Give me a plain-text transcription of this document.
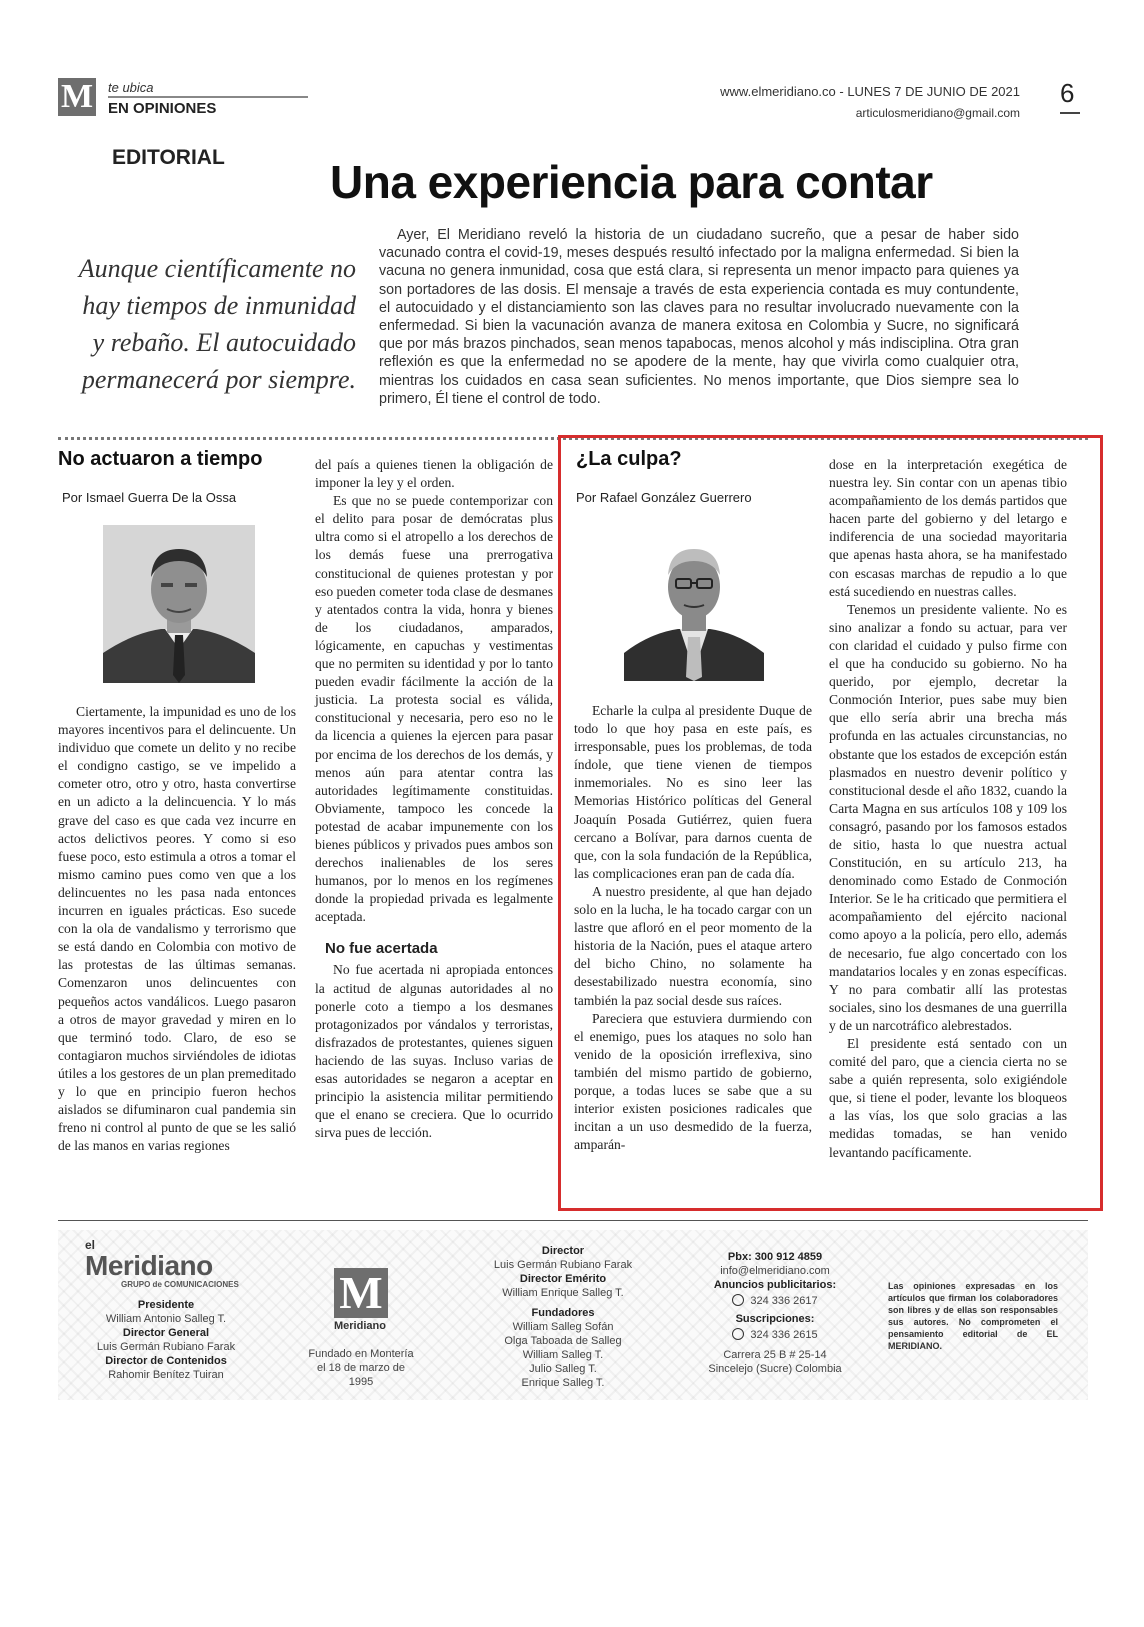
M te ubica
EN OPINIONES
www.elmeridiano.co - LUNES 7 DE JUNIO DE 2021
articulosmeridiano@gmail.com
6
EDITORIAL Una experiencia para contar
Aunque científicamente no hay tiempos de inmunidad y rebaño. El autocuidado permanecerá por siempre.

Ayer, El Meridiano reveló la historia de un ciudadano sucreño, que a pesar de haber sido vacunado contra el covid-19, meses después resultó infectado por la maligna enfermedad. Si bien la vacuna no genera inmunidad, cosa que está clara, si representa un menor impacto para quienes ya son portadores de las dosis. El mensaje a través de esta experiencia contada es muy contundente, el autocuidado y el distanciamiento son las claves para no resultar involucrado nuevamente con la enfermedad. Si bien la vacunación avanza de manera exitosa en Colombia y Sucre, no significará que por más brazos pinchados, sean menos tapabocas, menos alcohol y más indisciplina. Otra gran reflexión es que la enfermedad no se apodere de la mente, hay que vivirla como cualquier otra, mientras los cuidados en casa sean suficientes. No menos importante, que Dios siempre sea lo primero, Él tiene el control de todo.

No actuaron a tiempo
Por Ismael Guerra De la Ossa

Ciertamente, la impunidad es uno de los mayores incentivos para el delincuente. Un individuo que comete un delito y no recibe el condigno castigo, se ve impelido a cometer otro, otro y otro, hasta convertirse en un adicto a la delincuencia. Y lo más grave del caso es que cada vez incurre en actos delictivos peores. Y como si eso fuese poco, esto estimula a otros a tomar el mismo camino pues como ven que a los delincuentes no les pasa nada entonces incurren en iguales prácticas. Eso sucede con la ola de vandalismo y terrorismo que se está dando en Colombia con motivo de las protestas de las últimas semanas. Comenzaron unos delincuentes con pequeños actos vandálicos. Luego pasaron a otros de mayor gravedad y miren en lo que terminó todo. Claro, de eso se contagiaron muchos sirviéndoles de idiotas útiles a los gestores de un plan premeditado y lo que en principio fueron hechos aislados se difuminaron cual pandemia sin freno ni control al punto de que se les salió de las manos en varias regiones

del país a quienes tienen la obligación de imponer la ley y el orden.

Es que no se puede contemporizar con el delito para posar de demócratas plus ultra como si el atropello a los derechos de los demás fuese una prerrogativa constitucional de quienes protestan y por eso pueden cometer toda clase de desmanes y atentados contra la vida, honra y bienes de los ciudadanos, amparados, lógicamente, en capuchas y vestimentas que no permiten su identidad y por lo tanto pueden evadir fácilmente la acción de la justicia. La protesta social es válida, constitucional y necesaria, pero eso no le da licencia a quienes la ejercen para pasar por encima de los derechos de los demás, y menos aún para atentar contra las autoridades legítimamente constituidas. Obviamente, tampoco les concede la potestad de acabar impunemente con los bienes públicos y privados pues ambos son derechos inalienables de los seres humanos, por lo menos en los regímenes donde la propiedad privada es legalmente aceptada.

No fue acertada

No fue acertada ni apropiada entonces la actitud de algunas autoridades al no ponerle coto a tiempo a los desmanes protagonizados por vándalos y terroristas, disfrazados de protestantes, quienes siguen haciendo de las suyas. Incluso varias de esas autoridades se negaron a aceptar en principio la asistencia militar permitiendo que el enano se creciera. Que lo ocurrido sirva pues de lección.

¿La culpa?
Por Rafael González Guerrero

Echarle la culpa al presidente Duque de todo lo que hoy pasa en este país, es irresponsable, pues los problemas, de toda índole, que tiene vienen de tiempos inmemoriales. No es sino leer las Memorias Histórico políticas del General Joaquín Posada Gutiérrez, quien fuera cercano a Bolívar, para darnos cuenta de que, con la sola fundación de la República, las complicaciones eran pan de cada día.

A nuestro presidente, al que han dejado solo en la lucha, le ha tocado cargar con un lastre que afloró en el peor momento de la historia de la Nación, pues el ataque artero del bicho Chino, no solamente ha desestabilizado nuestra economía, sino también la paz social desde sus raíces.

Pareciera que estuviera durmiendo con el enemigo, pues los ataques no solo han venido de la oposición irreflexiva, sino también del mismo partido de gobierno, porque, a todas luces se sabe que a su interior existen posiciones radicales que incitan a un uso desmedido de la fuerza, amparán-

dose en la interpretación exegética de nuestra ley. Sin contar con un apenas tibio acompañamiento de los demás partidos que hacen parte del gobierno y del letargo e indiferencia de una sociedad mayoritaria que apenas hasta ahora, se ha manifestado con escasas marchas de repudio a lo que está sucediendo en nuestras calles.

Tenemos un presidente valiente. No es sino analizar a fondo su actuar, para ver con claridad el cuidado y pulso firme con el que ha conducido su gobierno. No ha querido, por ejemplo, decretar la Conmoción Interior, pues sabe muy bien que ello sería abrir una brecha más profunda en las actuales circunstancias, no obstante que los estados de excepción están plasmados en nuestro devenir político y constitucional desde el año 1832, cuando la Carta Magna en sus artículos 108 y 109 los consagró, pasando por los famosos estados de sitio, hasta lo que nuestra actual Constitución, en su artículo 213, ha denominado como Estado de Conmoción Interior. Se le ha criticado que permitiera el acompañamiento del ejército nacional como apoyo a la policía, pero ello, además de necesario, fue algo concertado con los mandatarios locales y en zonas específicas. Y no para combatir allí las protestas sociales, sino los desmanes de una guerrilla y de un narcotráfico alebrestados.

El presidente está sentado con un comité del paro, que a ciencia cierta no se sabe a quién representa, solo exigiéndole que, si tiene el poder, levante los bloqueos a las vías, los que solo gracias a las medidas tomadas, se han venido levantando pacíficamente.

el
Meridiano
GRUPO de COMUNICACIONES
Presidente
William Antonio Salleg T.
Director General
Luis Germán Rubiano Farak
Director de Contenidos
Rahomir Benítez Tuiran
M
Meridiano
Fundado en Montería el 18 de marzo de 1995
Director
Luis Germán Rubiano Farak
Director Emérito
William Enrique Salleg T.
Fundadores
William Salleg Sofán
Olga Taboada de Salleg
William Salleg T.
Julio Salleg T.
Enrique Salleg T.
Pbx: 300 912 4859
info@elmeridiano.com
Anuncios publicitarios:
324 336 2617
Suscripciones:
324 336 2615
Carrera 25 B # 25-14
Sincelejo (Sucre) Colombia
Las opiniones expresadas en los artículos que firman los colaboradores son libres y de ellas son responsables sus autores. No comprometen el pensamiento editorial de EL MERIDIANO.
